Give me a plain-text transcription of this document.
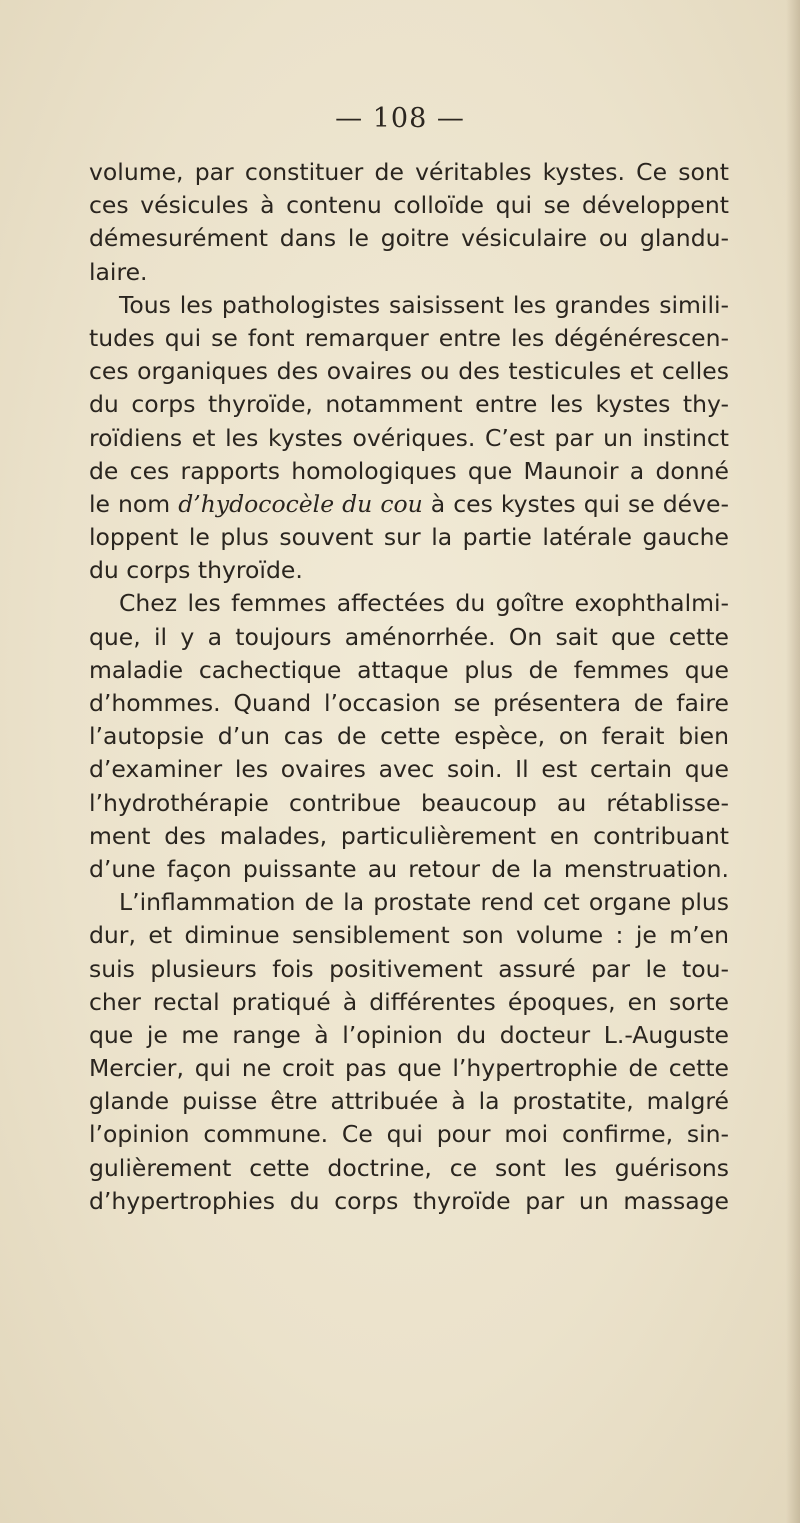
— 108 —
volume, par constituer de véritables kystes. Ce sont
ces vésicules à contenu colloïde qui se développent
démesurément dans le goitre vésiculaire ou glandu-
laire.
Tous les pathologistes saisissent les grandes simili-
tudes qui se font remarquer entre les dégénérescen-
ces organiques des ovaires ou des testicules et celles
du corps thyroïde, notamment entre les kystes thy-
roïdiens et les kystes ovériques. C’est par un instinct
de ces rapports homologiques que Maunoir a donné
le nom d’hydococèle du cou à ces kystes qui se déve-
loppent le plus souvent sur la partie latérale gauche
du corps thyroïde.
Chez les femmes affectées du goître exophthalmi-
que, il y a toujours aménorrhée. On sait que cette
maladie cachectique attaque plus de femmes que
d’hommes. Quand l’occasion se présentera de faire
l’autopsie d’un cas de cette espèce, on ferait bien
d’examiner les ovaires avec soin. Il est certain que
l’hydrothérapie contribue beaucoup au rétablisse-
ment des malades, particulièrement en contribuant
d’une façon puissante au retour de la menstruation.
L’inflammation de la prostate rend cet organe plus
dur, et diminue sensiblement son volume : je m’en
suis plusieurs fois positivement assuré par le tou-
cher rectal pratiqué à différentes époques, en sorte
que je me range à l’opinion du docteur L.-Auguste
Mercier, qui ne croit pas que l’hypertrophie de cette
glande puisse être attribuée à la prostatite, malgré
l’opinion commune. Ce qui pour moi confirme, sin-
gulièrement cette doctrine, ce sont les guérisons
d’hypertrophies du corps thyroïde par un massage
